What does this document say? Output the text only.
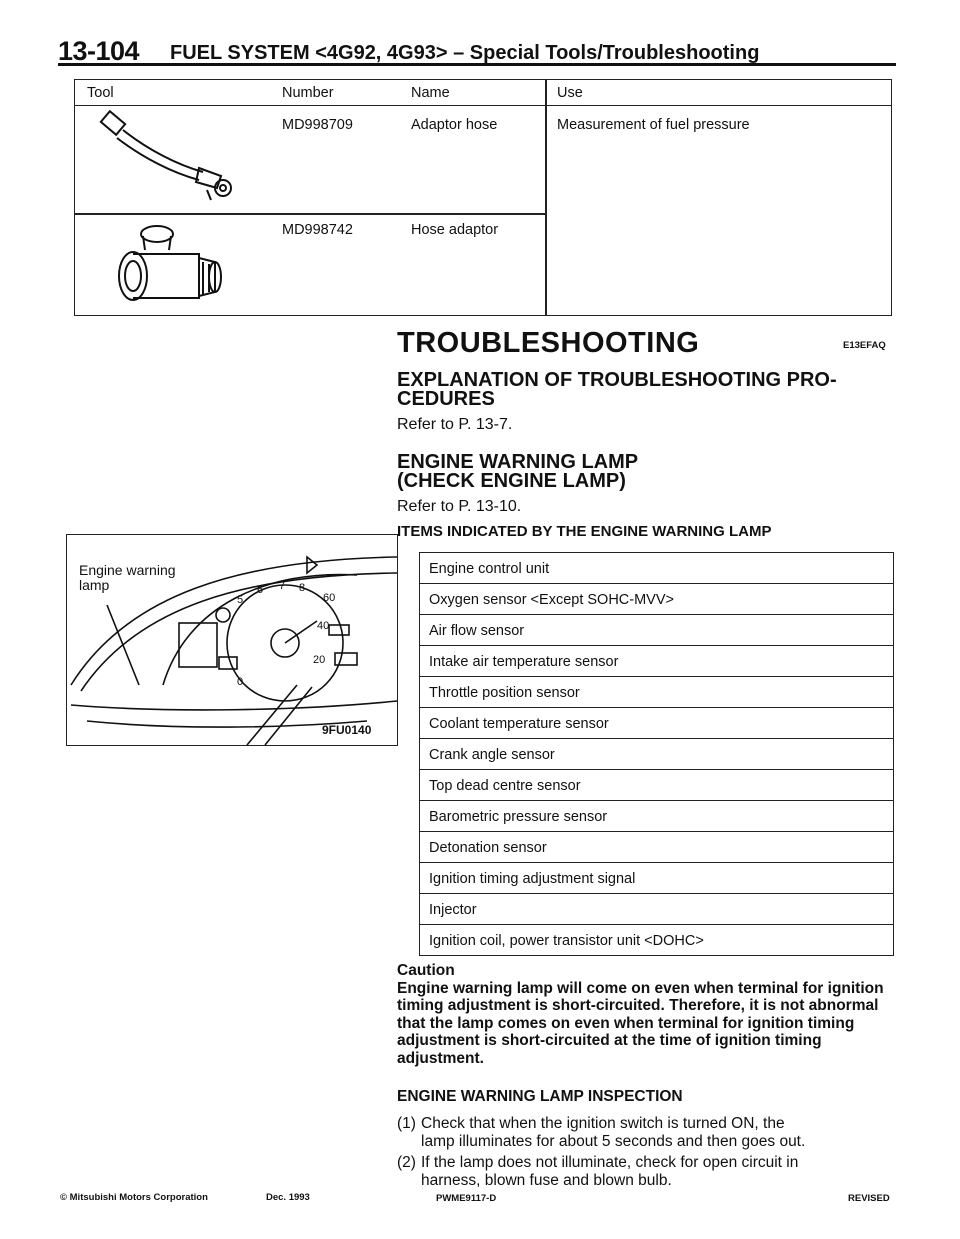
13-104 FUEL SYSTEM <4G92, 4G93> – Special Tools/Troubleshooting
Tool	Number	Name	Use
MD998709	Adaptor hose	Measurement of fuel pressure
MD998742	Hose adaptor
TROUBLESHOOTING	E13EFAQ
EXPLANATION OF TROUBLESHOOTING PRO-
CEDURES
Refer to P. 13-7.
ENGINE WARNING LAMP
(CHECK ENGINE LAMP)
Refer to P. 13-10.
ITEMS INDICATED BY THE ENGINE WARNING LAMP
Engine control unit
Oxygen sensor <Except SOHC-MVV>
Air flow sensor
Intake air temperature sensor
Throttle position sensor
Coolant temperature sensor
Crank angle sensor
Top dead centre sensor
Barometric pressure sensor
Detonation sensor
Ignition timing adjustment signal
Injector
Ignition coil, power transistor unit <DOHC>
5
6 7 8
60
40
20
0
Engine warning
lamp
9FU0140
Caution
Engine warning lamp will come on even when terminal for ignition timing adjustment is short-circuited. Therefore, it is not abnormal that the lamp comes on even when terminal for ignition timing adjustment is short-circuited at the time of ignition timing adjustment.
ENGINE WARNING LAMP INSPECTION
(1) Check that when the ignition switch is turned ON, the
lamp illuminates for about 5 seconds and then goes out.
(2) If the lamp does not illuminate, check for open circuit in
harness, blown fuse and blown bulb.
© Mitsubishi Motors Corporation	Dec. 1993	PWME9117-D	REVISED
